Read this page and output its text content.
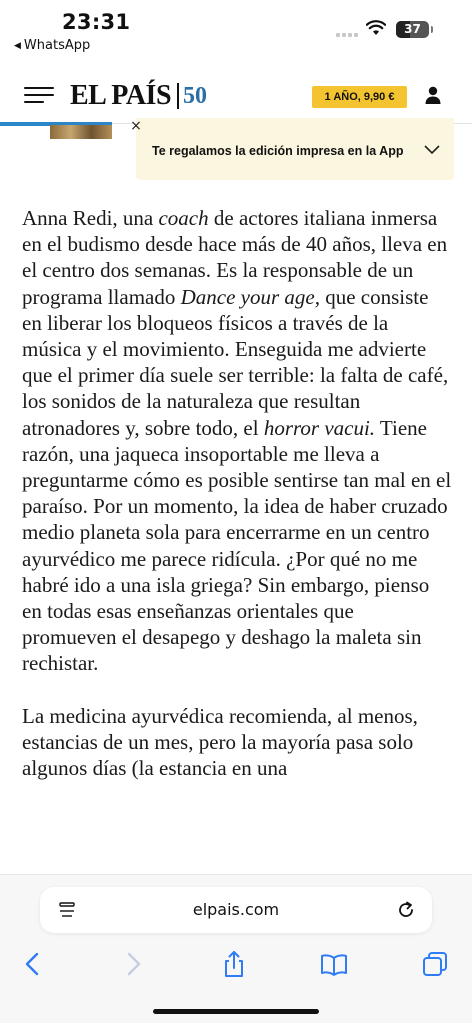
23:31
◀ WhatsApp
37
EL PAÍS 50	1 AÑO, 9,90 €
Te regalamos la edición impresa en la App
×

Anna Redi, una coach de actores italiana inmersa en el budismo desde hace más de 40 años, lleva en el centro dos semanas. Es la responsable de un programa llamado Dance your age, que consiste en liberar los bloqueos físicos a través de la música y el movimiento. Enseguida me advierte que el primer día suele ser terrible: la falta de café, los sonidos de la naturaleza que resultan atronadores y, sobre todo, el horror vacui. Tiene razón, una jaqueca insoportable me lleva a preguntarme cómo es posible sentirse tan mal en el paraíso. Por un momento, la idea de haber cruzado medio planeta sola para encerrarme en un centro ayurvédico me parece ridícula. ¿Por qué no me habré ido a una isla griega? Sin embargo, pienso en todas esas enseñanzas orientales que promueven el desapego y deshago la maleta sin rechistar.

La medicina ayurvédica recomienda, al menos, estancias de un mes, pero la mayoría pasa solo algunos días (la estancia en una

elpais.com
